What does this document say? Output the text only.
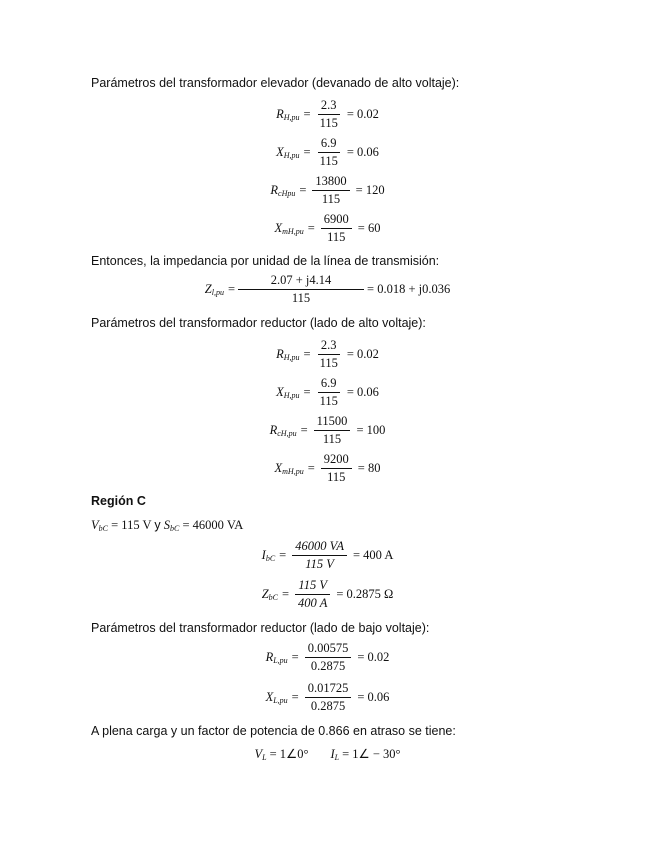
Parámetros del transformador elevador (devanado de alto voltaje):
$R_{H,pu} = \frac{2.3}{115} = 0.02$
$X_{H,pu} = \frac{6.9}{115} = 0.06$
$R_{cHpu} = \frac{13800}{115} = 120$
$X_{mH,pu} = \frac{6900}{115} = 60$
Entonces, la impedancia por unidad de la línea de transmisión:
$Z_{l,pu} = \frac{2.07 + j4.14}{115} = 0.018 + j0.036$
Parámetros del transformador reductor (lado de alto voltaje):
$R_{H,pu} = \frac{2.3}{115} = 0.02$
$X_{H,pu} = \frac{6.9}{115} = 0.06$
$R_{cH,pu} = \frac{11500}{115} = 100$
$X_{mH,pu} = \frac{9200}{115} = 80$
Región C
$V_{bC} = 115$ V y $S_{bC} = 46000$ VA
$I_{bC} = \frac{46000 VA}{115 V} = 400$ A
$Z_{bC} = \frac{115 V}{400 A} = 0.2875$ Ω
Parámetros del transformador reductor (lado de bajo voltaje):
$R_{L,pu} = \frac{0.00575}{0.2875} = 0.02$
$X_{L,pu} = \frac{0.01725}{0.2875} = 0.06$
A plena carga y un factor de potencia de 0.866 en atraso se tiene:
$V_L$ = 1∠0° $I_L$ = 1∠ − 30°
